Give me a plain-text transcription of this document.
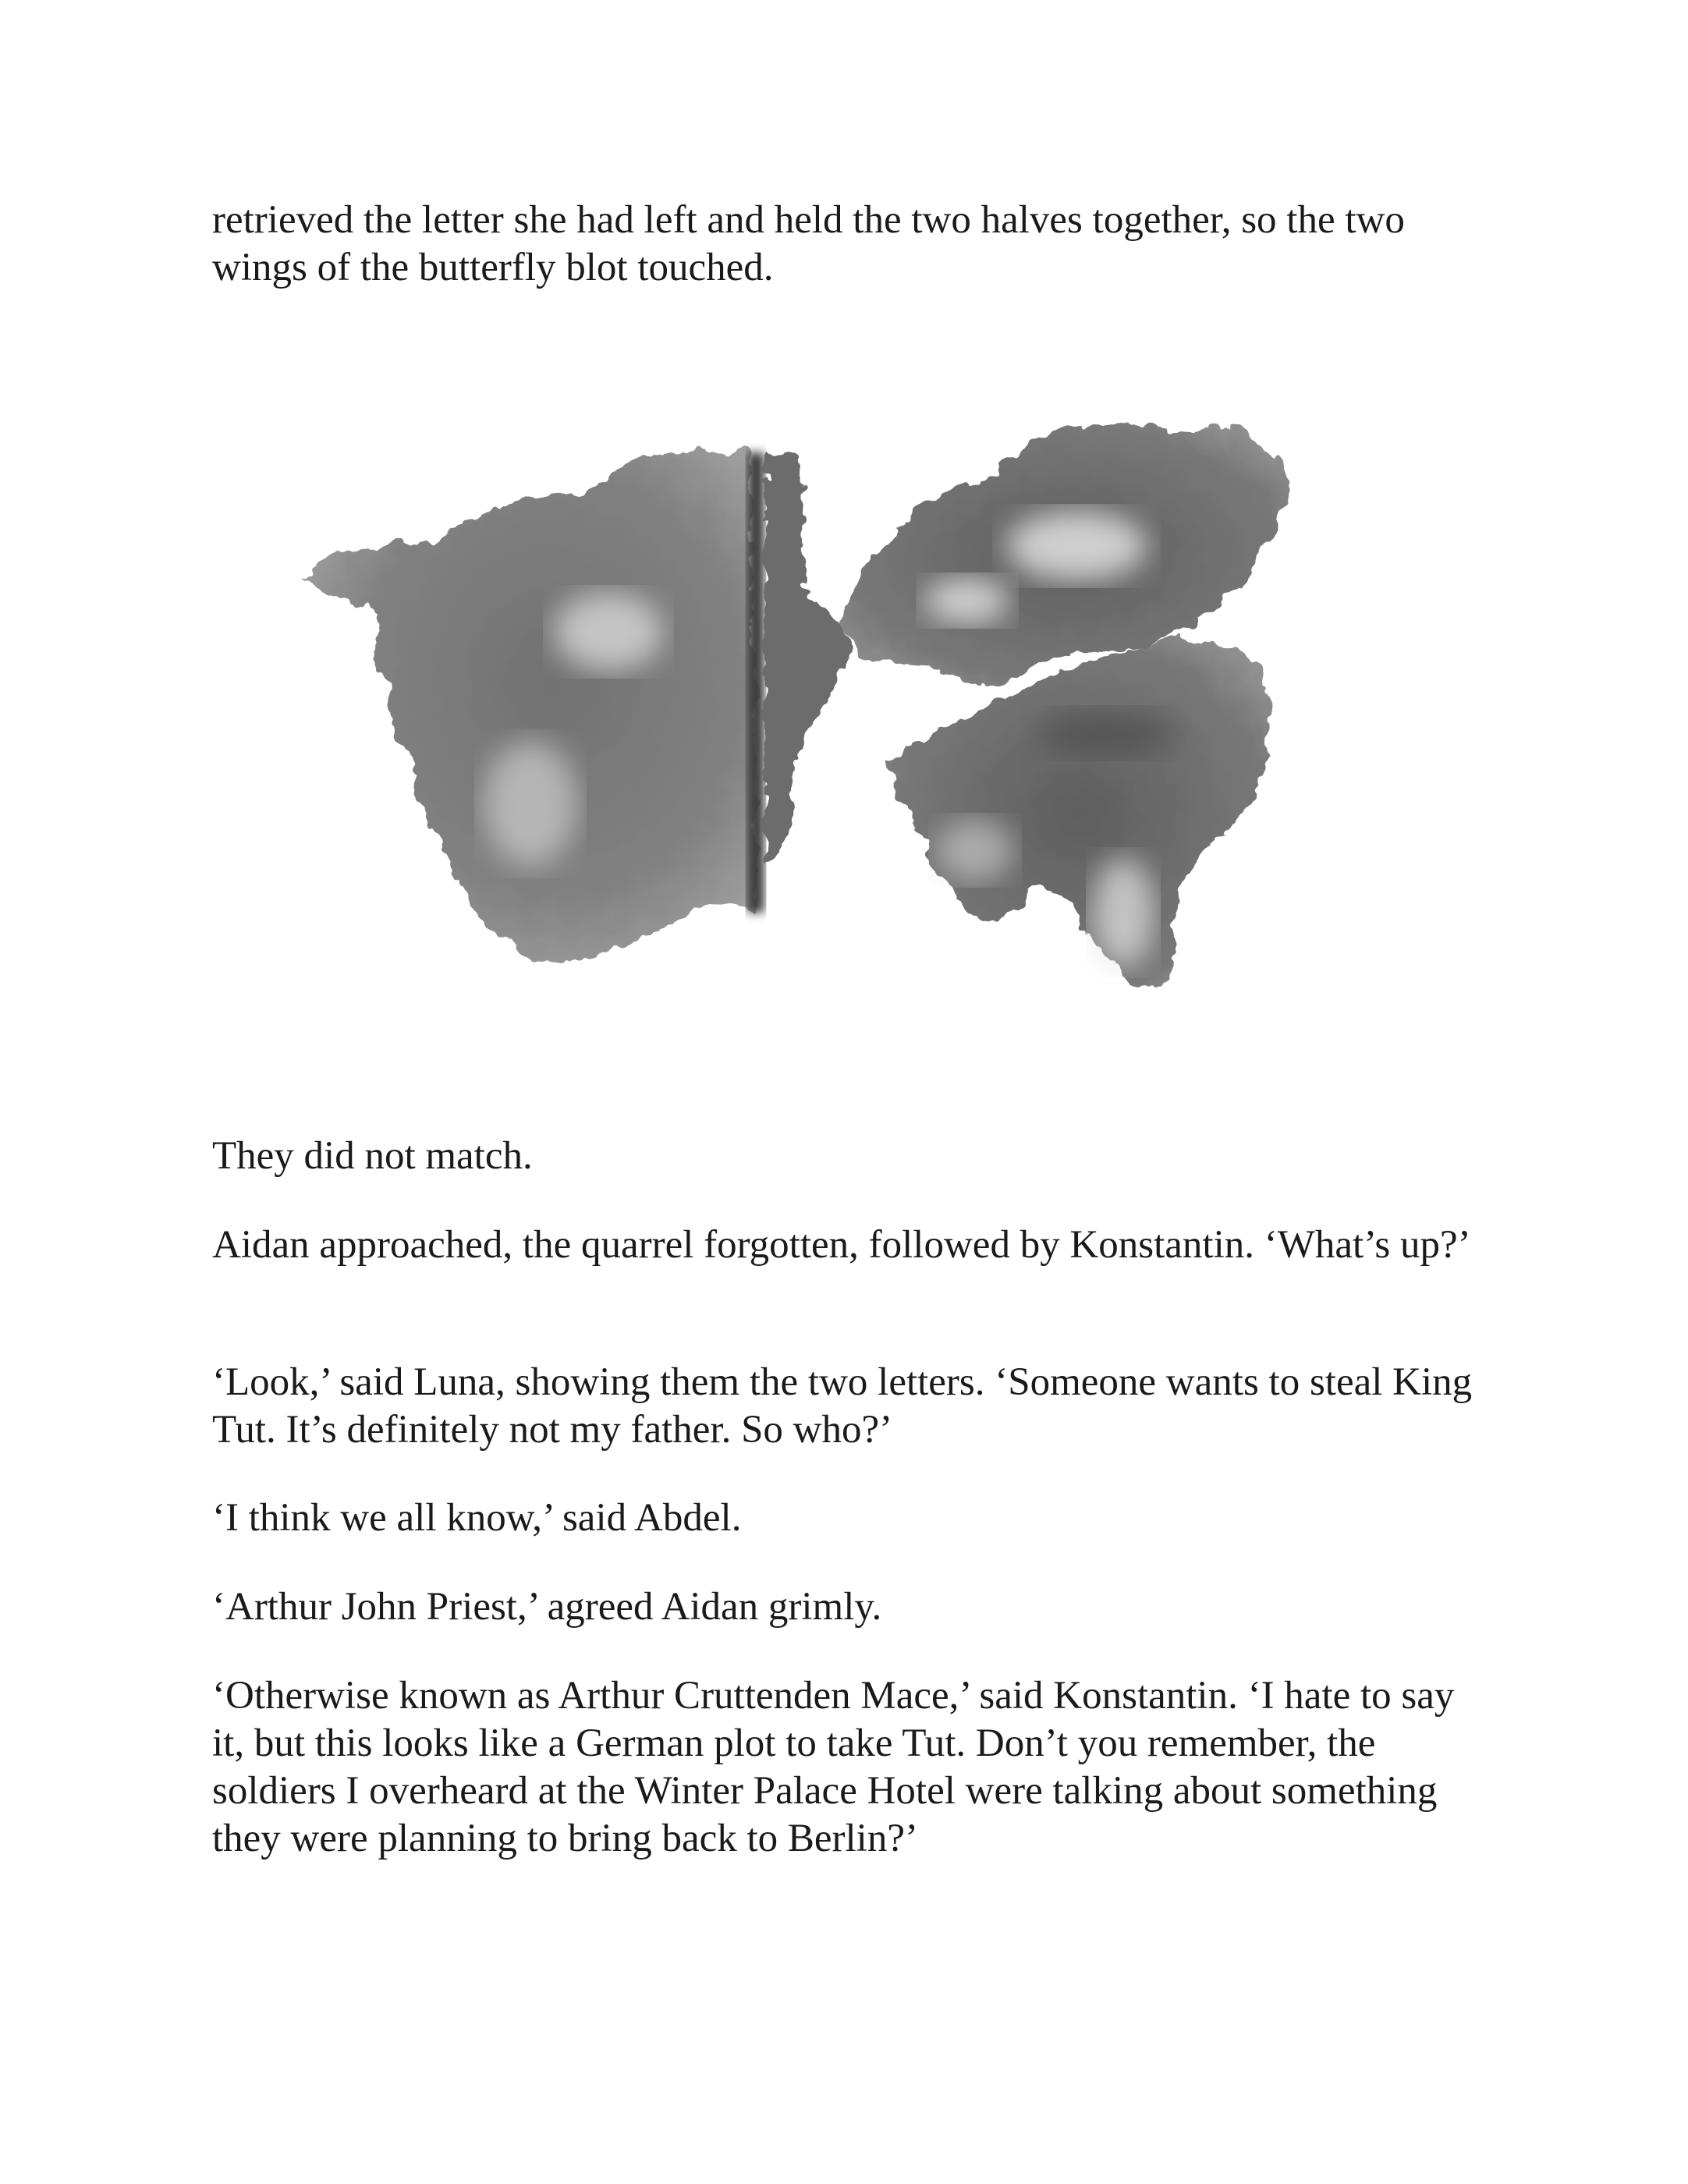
retrieved the letter she had left and held the two halves together, so the two wings of the butterfly blot touched.

They did not match.

Aidan approached, the quarrel forgotten, followed by Konstantin. ‘What’s up?’

‘Look,’ said Luna, showing them the two letters. ‘Someone wants to steal King Tut. It’s definitely not my father. So who?’

‘I think we all know,’ said Abdel.

‘Arthur John Priest,’ agreed Aidan grimly.

‘Otherwise known as Arthur Cruttenden Mace,’ said Konstantin. ‘I hate to say it, but this looks like a German plot to take Tut. Don’t you remember, the soldiers I overheard at the Winter Palace Hotel were talking about something they were planning to bring back to Berlin?’
